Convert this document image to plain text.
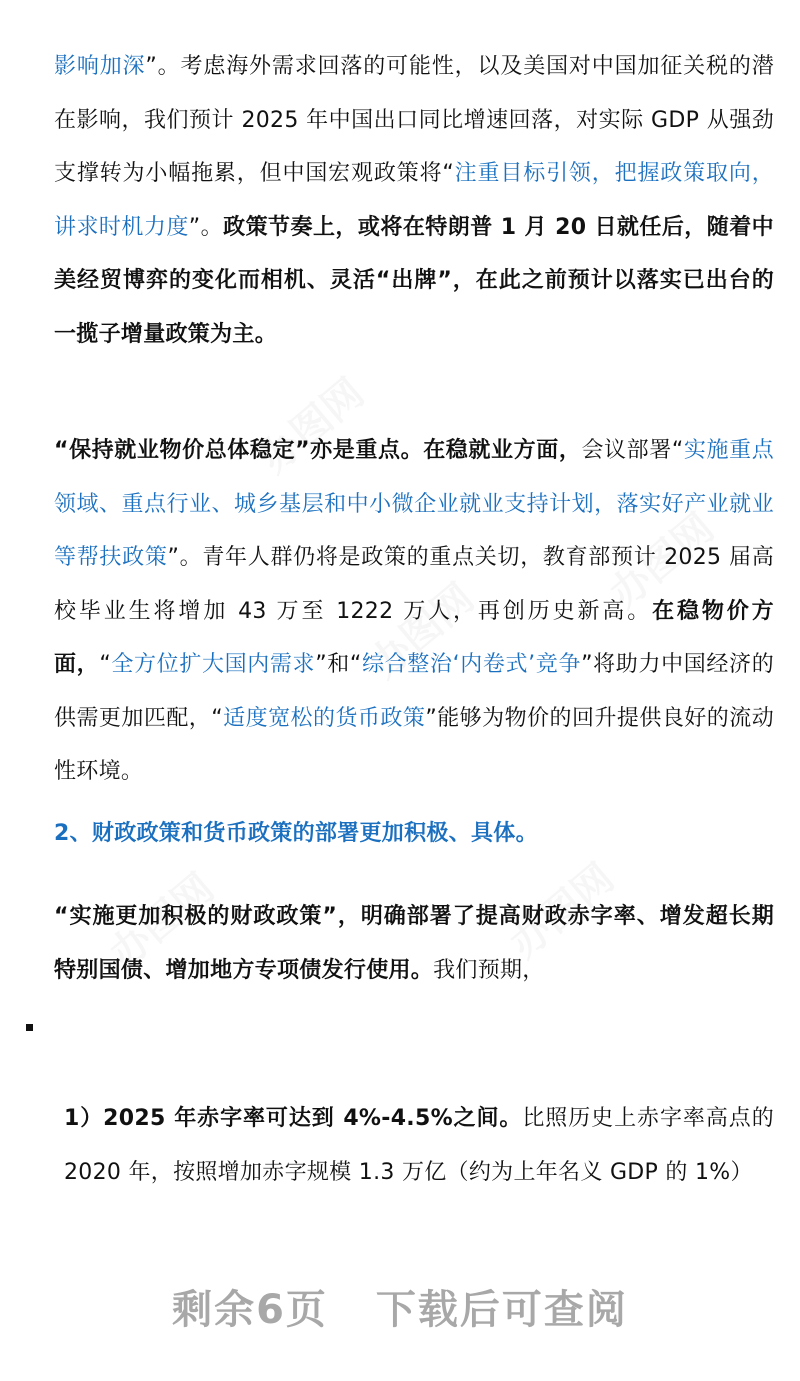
影响加深”。考虑海外需求回落的可能性，以及美国对中国加征关税的潜在影响，我们预计 2025 年中国出口同比增速回落，对实际 GDP 从强劲支撑转为小幅拖累，但中国宏观政策将“注重目标引领，把握政策取向，讲求时机力度”。政策节奏上，或将在特朗普 1 月 20 日就任后，随着中美经贸博弈的变化而相机、灵活“出牌”，在此之前预计以落实已出台的一揽子增量政策为主。
“保持就业物价总体稳定”亦是重点。在稳就业方面，会议部署“实施重点领域、重点行业、城乡基层和中小微企业就业支持计划，落实好产业就业等帮扶政策”。青年人群仍将是政策的重点关切，教育部预计 2025 届高校毕业生将增加 43 万至 1222 万人，再创历史新高。在稳物价方面，“全方位扩大国内需求”和“综合整治‘内卷式’竞争”将助力中国经济的供需更加匹配，“适度宽松的货币政策”能够为物价的回升提供良好的流动性环境。
2、财政政策和货币政策的部署更加积极、具体。
“实施更加积极的财政政策”，明确部署了提高财政赤字率、增发超长期特别国债、增加地方专项债发行使用。我们预期，
1）2025 年赤字率可达到 4%-4.5%之间。比照历史上赤字率高点的 2020 年，按照增加赤字规模 1.3 万亿（约为上年名义 GDP 的 1%）
剩余6页 下载后可查阅
